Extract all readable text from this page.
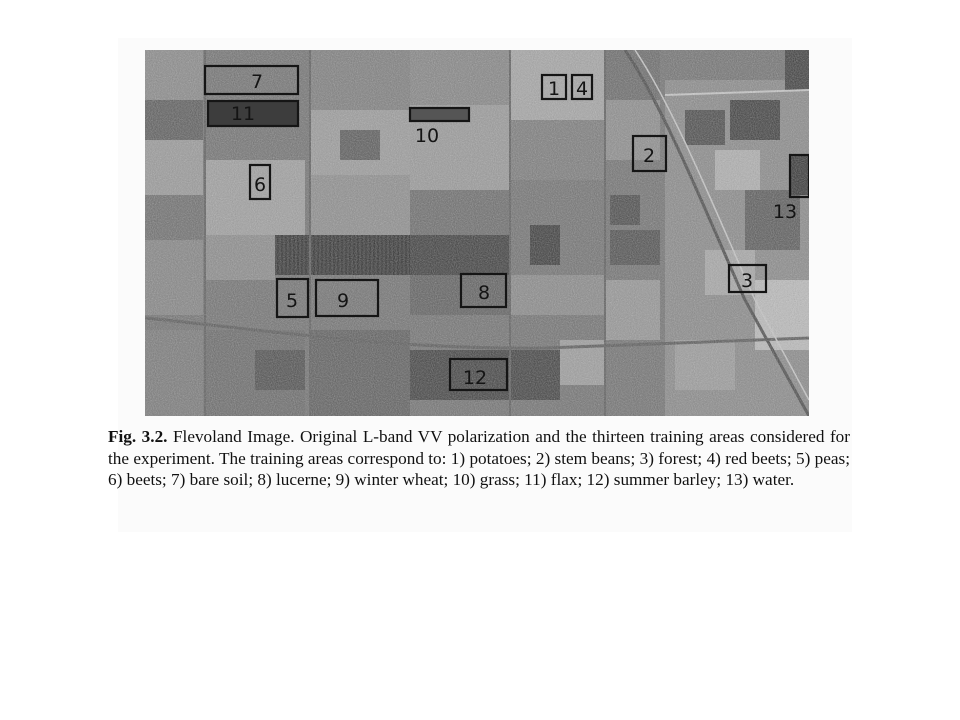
1 4
7
11
10
2
6
13
3
5 9	8
12
Fig. 3.2. Flevoland Image. Original L-band VV polarization and the thirteen training areas considered for the experiment. The training areas correspond to: 1) potatoes; 2) stem beans; 3) forest; 4) red beets; 5) peas; 6) beets; 7) bare soil; 8) lucerne; 9) winter wheat; 10) grass; 11) flax; 12) summer barley; 13) water.
